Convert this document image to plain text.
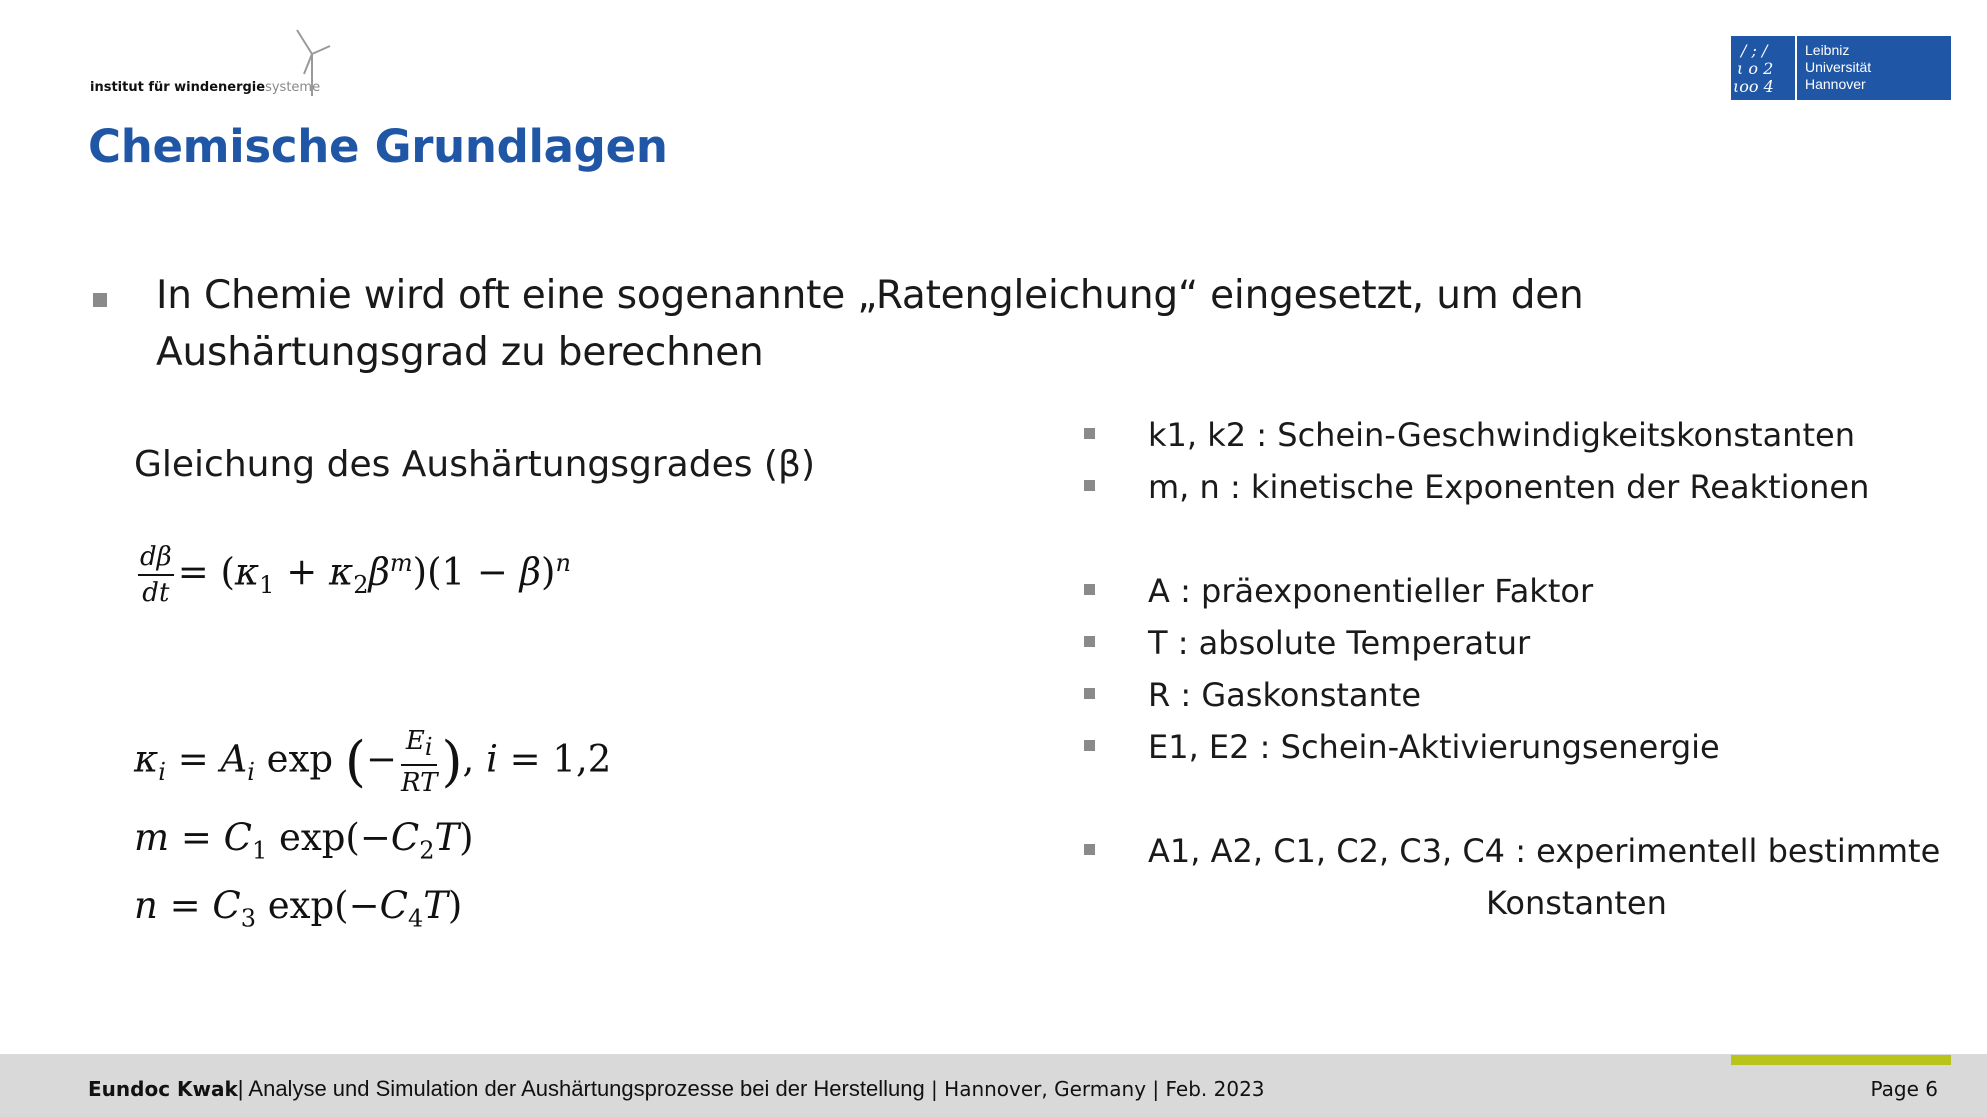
institut für windenergiesysteme
/ ; /
ι o 2
ιoo 4
Leibniz
Universität
Hannover
Chemische Grundlagen
In Chemie wird oft eine sogenannte „Ratengleichung“ eingesetzt, um den
Aushärtungsgrad zu berechnen
Gleichung des Aushärtungsgrades (β)
$\frac{d\beta}{dt} = (\kappa_1 + \kappa_2\beta^m)(1 - \beta)^n$
$\kappa_i = A_i$ exp (− $\frac{E_i}{RT}$ ), i = 1,2
$m = C_1$ $\exp(-C_2T)$
$n = C_3$ $\exp(-C_4T)$
k1, k2 : Schein-Geschwindigkeitskonstanten
m, n : kinetische Exponenten der Reaktionen
A : präexponentieller Faktor
T : absolute Temperatur
R : Gaskonstante
E1, E2 : Schein-Aktivierungsenergie
A1, A2, C1, C2, C3, C4 : experimentell bestimmte
Konstanten
Eundoc Kwak| Analyse und Simulation der Aushärtungsprozesse bei der Herstellung | Hannover, Germany | Feb. 2023	Page 6
